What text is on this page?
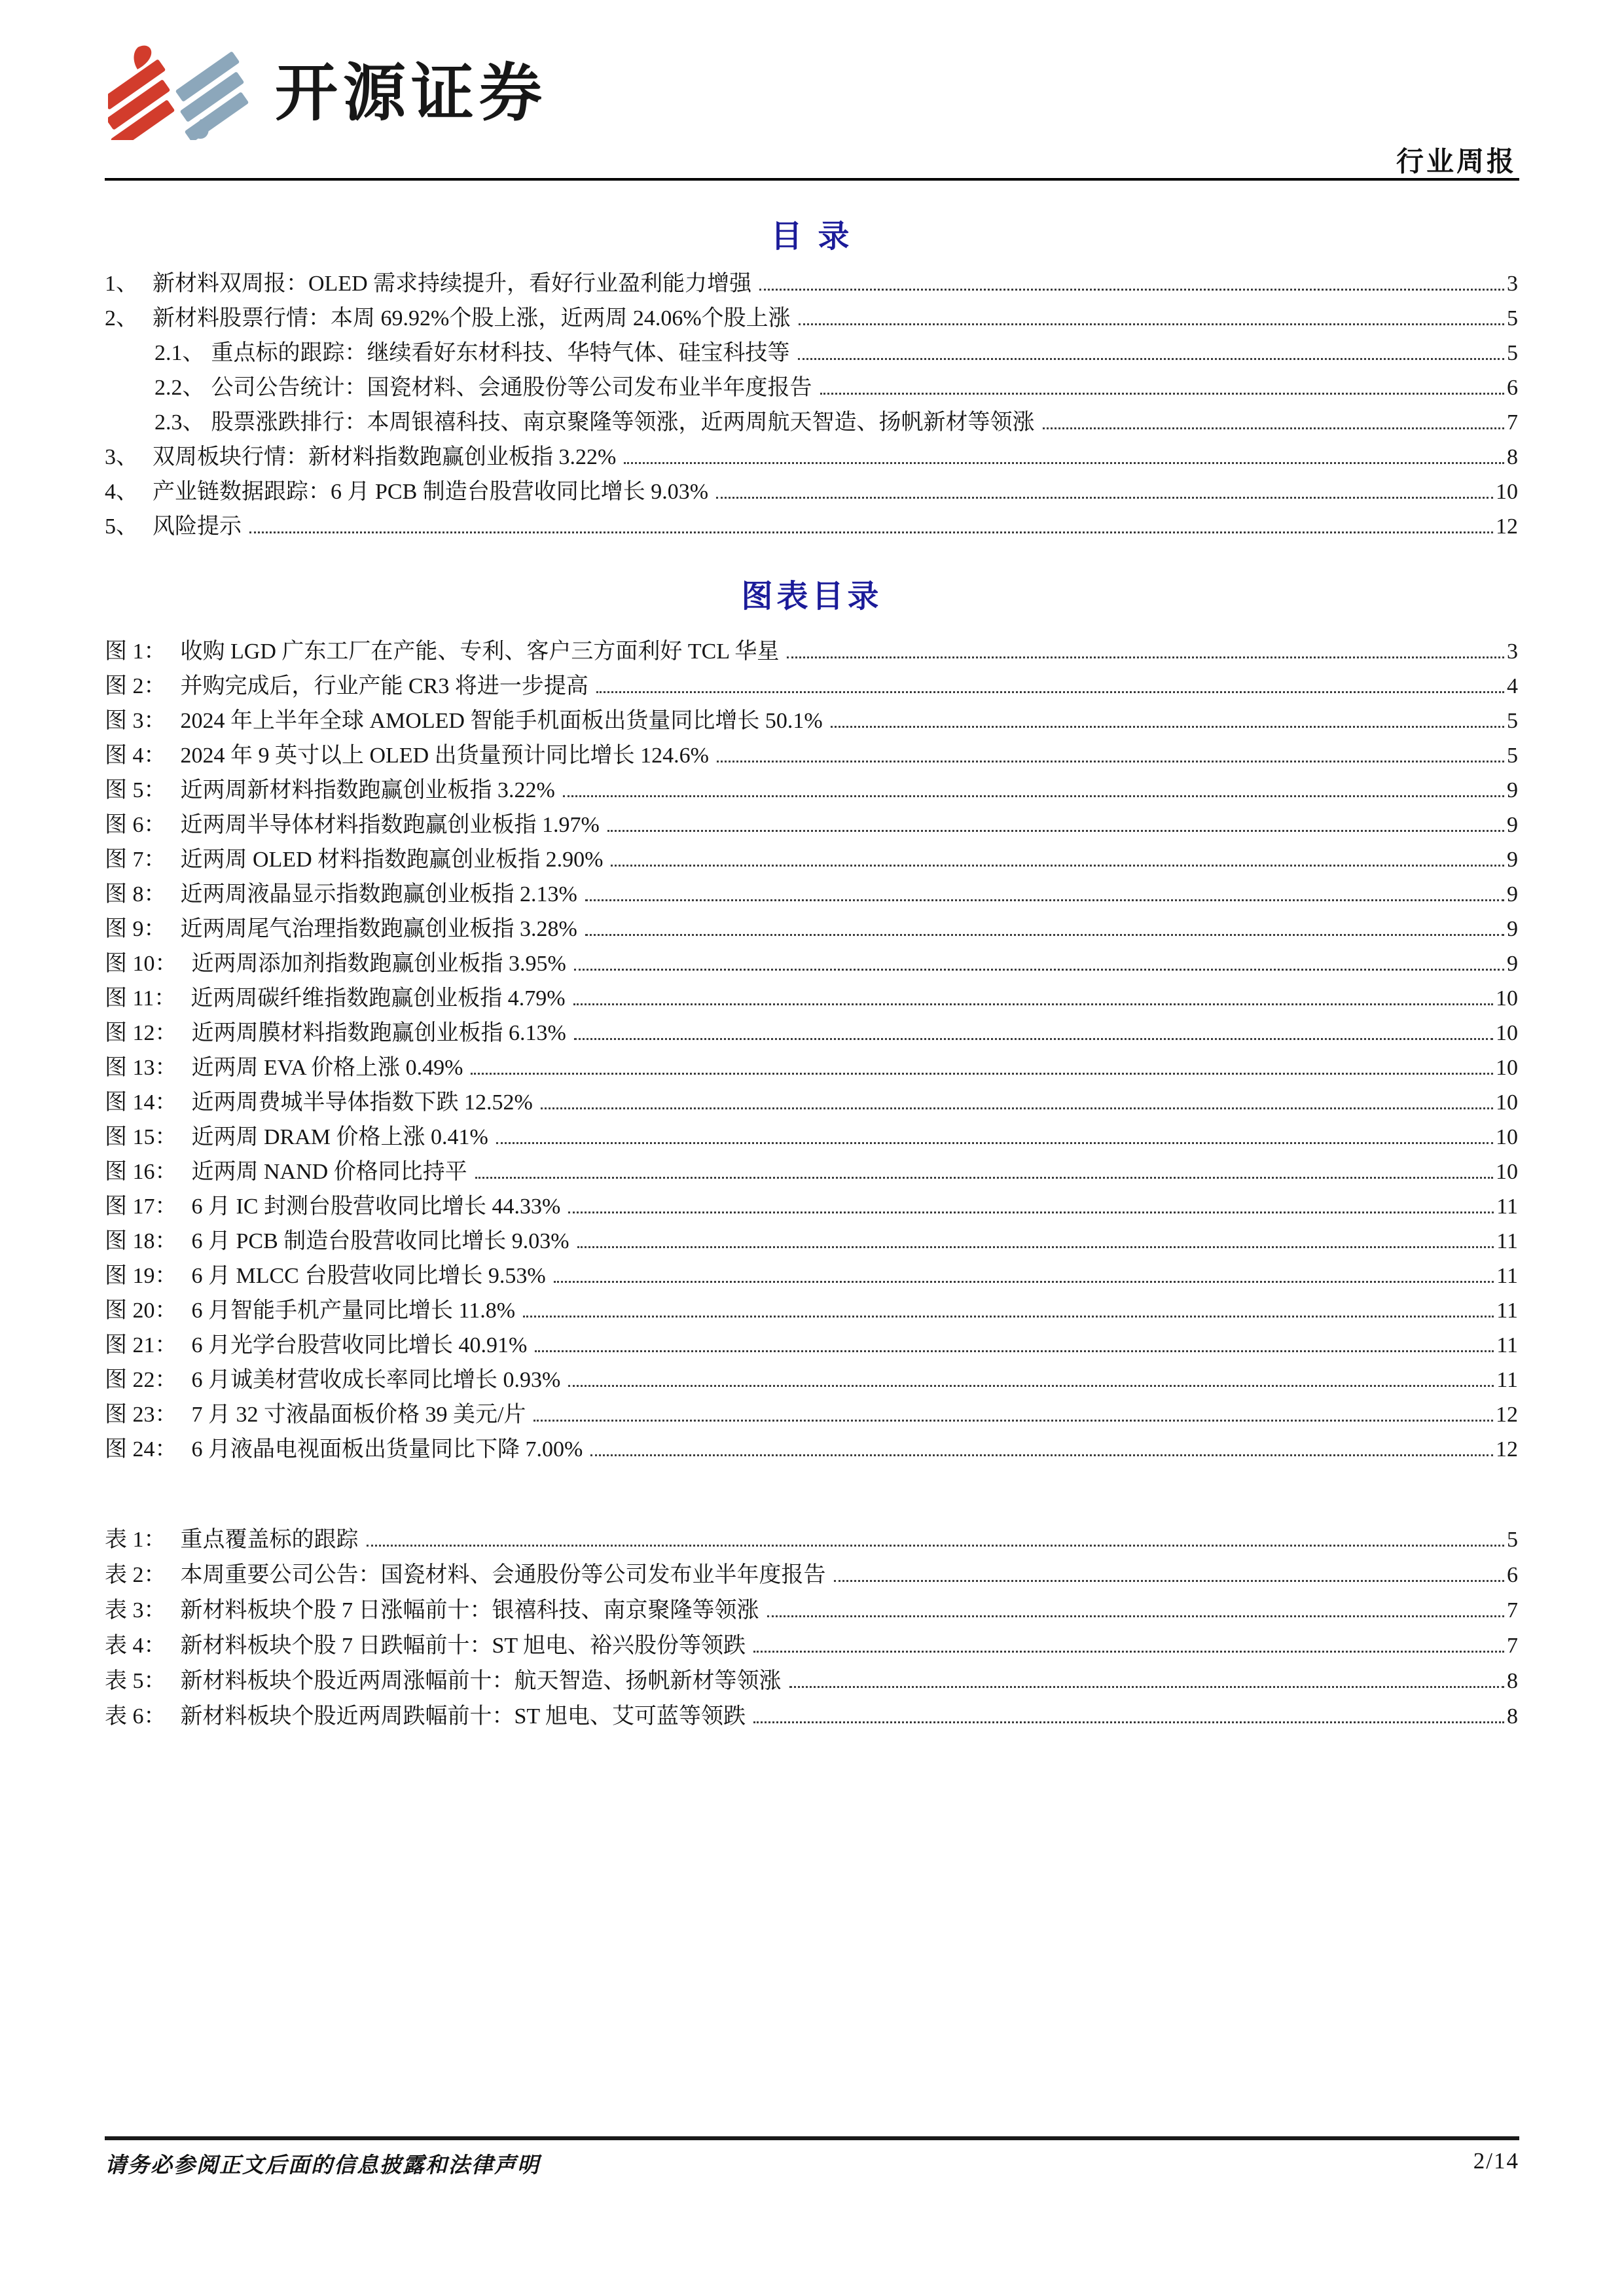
开源证券
行业周报
目 录
1、 新材料双周报：OLED 需求持续提升，看好行业盈利能力增强	3
2、 新材料股票行情：本周 69.92%个股上涨，近两周 24.06%个股上涨	5
2.1、 重点标的跟踪：继续看好东材科技、华特气体、硅宝科技等	5
2.2、 公司公告统计：国瓷材料、会通股份等公司发布业半年度报告	6
2.3、 股票涨跌排行：本周银禧科技、南京聚隆等领涨，近两周航天智造、扬帆新材等领涨	7
3、 双周板块行情：新材料指数跑赢创业板指 3.22%	8
4、 产业链数据跟踪：6 月 PCB 制造台股营收同比增长 9.03%	10
5、 风险提示	12
图表目录
图 1： 收购 LGD 广东工厂在产能、专利、客户三方面利好 TCL 华星	3
图 2： 并购完成后，行业产能 CR3 将进一步提高	4
图 3： 2024 年上半年全球 AMOLED 智能手机面板出货量同比增长 50.1%	5
图 4： 2024 年 9 英寸以上 OLED 出货量预计同比增长 124.6%	5
图 5： 近两周新材料指数跑赢创业板指 3.22%	9
图 6： 近两周半导体材料指数跑赢创业板指 1.97%	9
图 7： 近两周 OLED 材料指数跑赢创业板指 2.90%	9
图 8： 近两周液晶显示指数跑赢创业板指 2.13%	9
图 9： 近两周尾气治理指数跑赢创业板指 3.28%	9
图 10： 近两周添加剂指数跑赢创业板指 3.95%	9
图 11： 近两周碳纤维指数跑赢创业板指 4.79%	10
图 12： 近两周膜材料指数跑赢创业板指 6.13%	10
图 13： 近两周 EVA 价格上涨 0.49%	10
图 14： 近两周费城半导体指数下跌 12.52%	10
图 15： 近两周 DRAM 价格上涨 0.41%	10
图 16： 近两周 NAND 价格同比持平	10
图 17： 6 月 IC 封测台股营收同比增长 44.33%	11
图 18： 6 月 PCB 制造台股营收同比增长 9.03%	11
图 19： 6 月 MLCC 台股营收同比增长 9.53%	11
图 20： 6 月智能手机产量同比增长 11.8%	11
图 21： 6 月光学台股营收同比增长 40.91%	11
图 22： 6 月诚美材营收成长率同比增长 0.93%	11
图 23： 7 月 32 寸液晶面板价格 39 美元/片	12
图 24： 6 月液晶电视面板出货量同比下降 7.00%	12
表 1： 重点覆盖标的跟踪	5
表 2： 本周重要公司公告：国瓷材料、会通股份等公司发布业半年度报告	6
表 3： 新材料板块个股 7 日涨幅前十：银禧科技、南京聚隆等领涨	7
表 4： 新材料板块个股 7 日跌幅前十：ST 旭电、裕兴股份等领跌	7
表 5： 新材料板块个股近两周涨幅前十：航天智造、扬帆新材等领涨	8
表 6： 新材料板块个股近两周跌幅前十：ST 旭电、艾可蓝等领跌	8
请务必参阅正文后面的信息披露和法律声明	2/14
